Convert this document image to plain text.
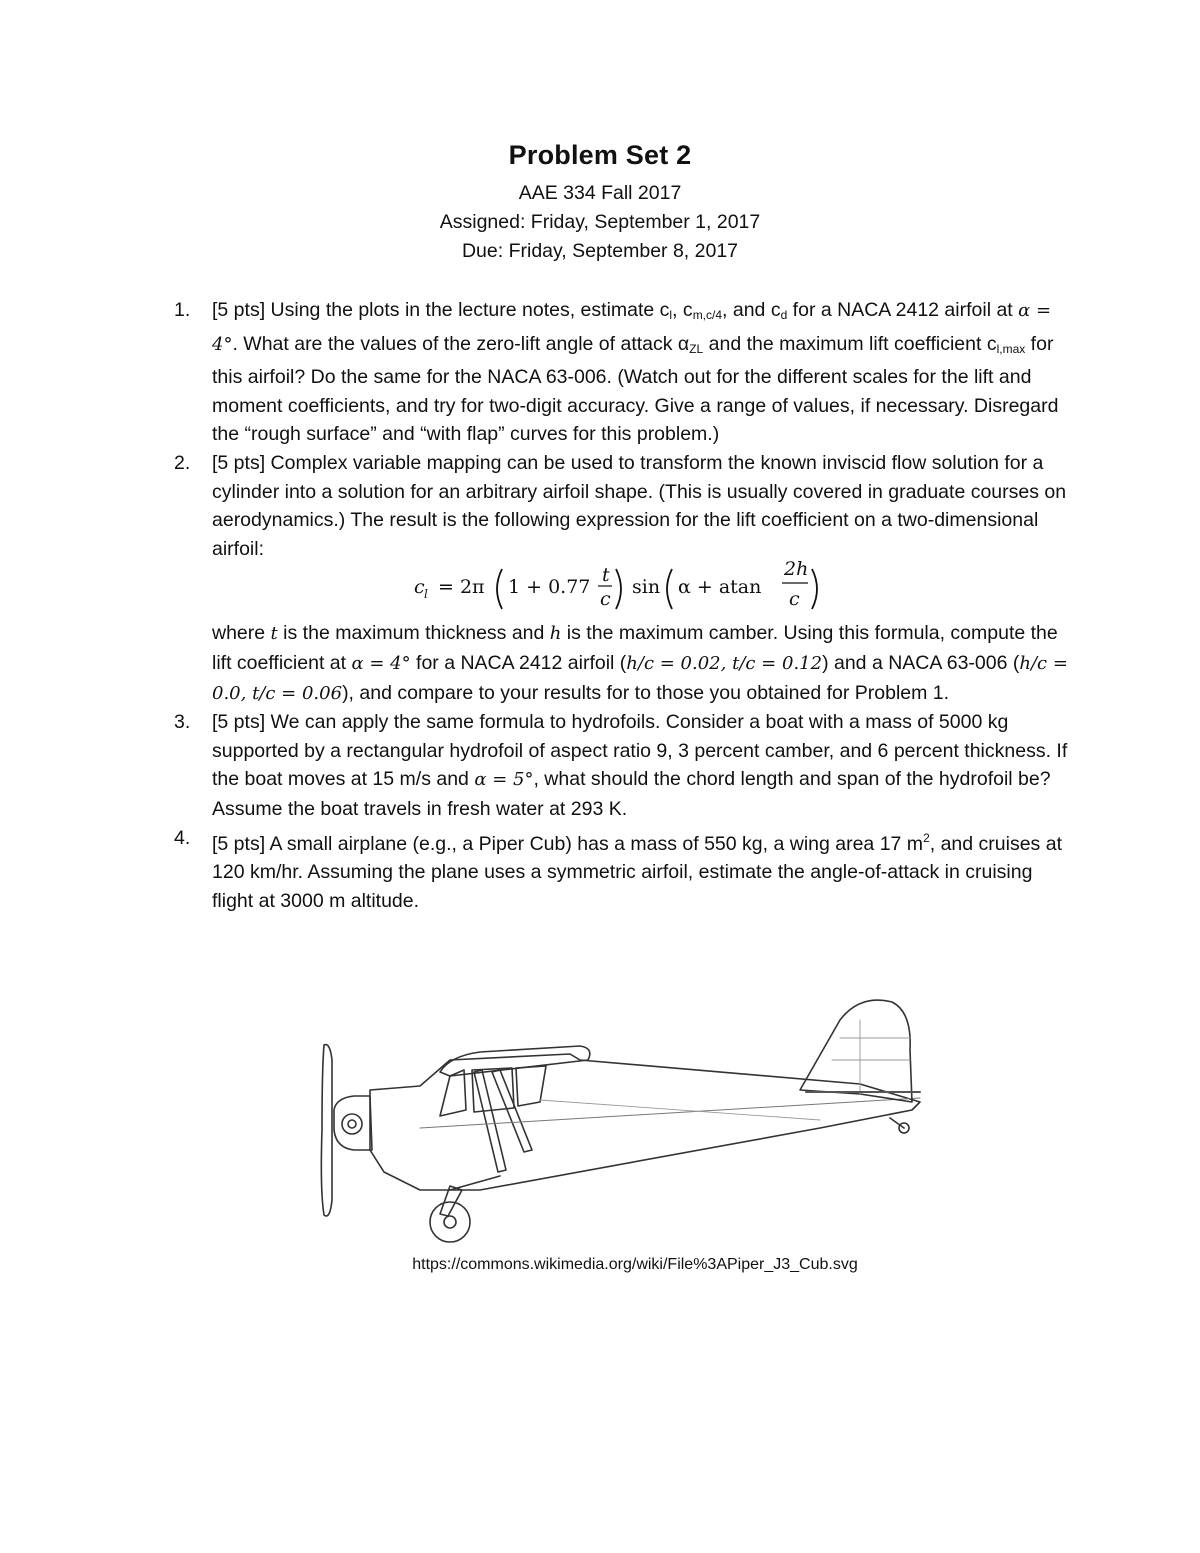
Problem Set 2
AAE 334 Fall 2017
Assigned: Friday, September 1, 2017
Due: Friday, September 8, 2017
1. [5 pts] Using the plots in the lecture notes, estimate cl, cm,c/4, and cd for a NACA 2412 airfoil at α = 4°. What are the values of the zero-lift angle of attack αZL and the maximum lift coefficient cl,max for this airfoil? Do the same for the NACA 63-006. (Watch out for the different scales for the lift and moment coefficients, and try for two-digit accuracy. Give a range of values, if necessary. Disregard the “rough surface” and “with flap” curves for this problem.)
2. [5 pts] Complex variable mapping can be used to transform the known inviscid flow solution for a cylinder into a solution for an arbitrary airfoil shape. (This is usually covered in graduate courses on aerodynamics.) The result is the following expression for the lift coefficient on a two-dimensional airfoil:
c l = 2π 1 + 0.77
t
c
sin α + atan
2h
c
where t is the maximum thickness and h is the maximum camber. Using this formula, compute the lift coefficient at α = 4° for a NACA 2412 airfoil (h/c = 0.02, t/c = 0.12) and a NACA 63-006 (h/c = 0.0, t/c = 0.06), and compare to your results for to those you obtained for Problem 1.
3. [5 pts] We can apply the same formula to hydrofoils. Consider a boat with a mass of 5000 kg supported by a rectangular hydrofoil of aspect ratio 9, 3 percent camber, and 6 percent thickness. If the boat moves at 15 m/s and α = 5°, what should the chord length and span of the hydrofoil be? Assume the boat travels in fresh water at 293 K.
4. [5 pts] A small airplane (e.g., a Piper Cub) has a mass of 550 kg, a wing area 17 $m^2$, and cruises at 120 km/hr. Assuming the plane uses a symmetric airfoil, estimate the angle-of-attack in cruising flight at 3000 m altitude.
https://commons.wikimedia.org/wiki/File%3APiper_J3_Cub.svg
